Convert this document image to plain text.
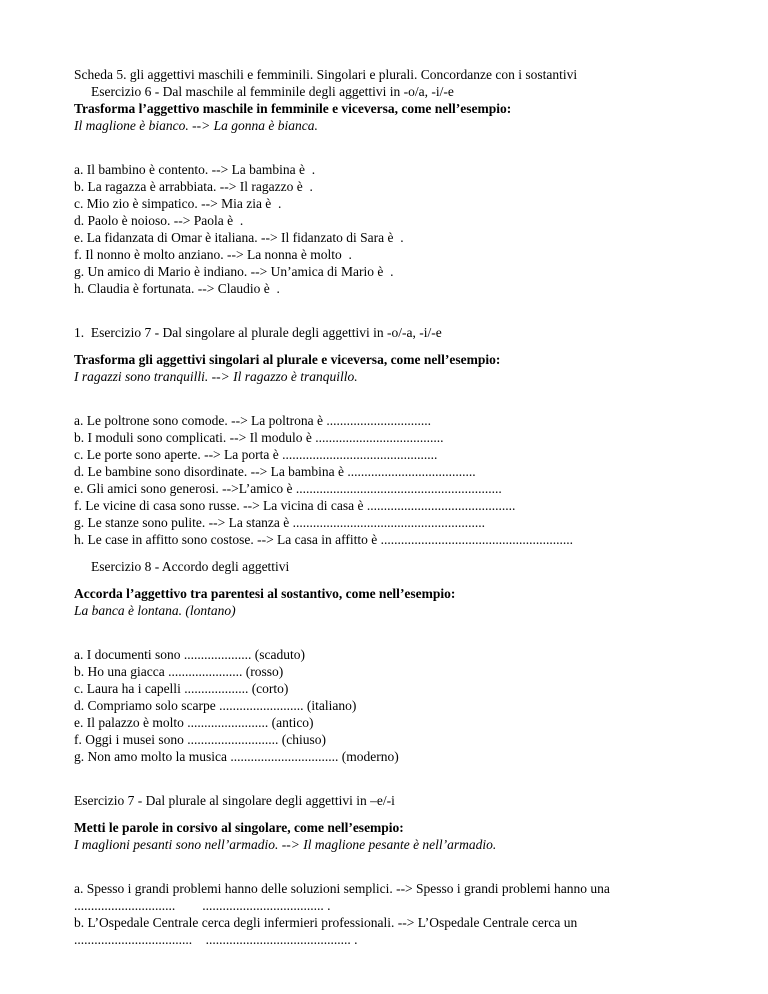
Scheda 5. gli aggettivi maschili e femminili. Singolari e plurali. Concordanze con i sostantivi

Esercizio 6 - Dal maschile al femminile degli aggettivi in -o/a, -i/-e

Trasforma l’aggettivo maschile in femminile e viceversa, come nell’esempio:

Il maglione è bianco. --> La gonna è bianca.

a. Il bambino è contento. --> La bambina è  .

b. La ragazza è arrabbiata. --> Il ragazzo è  .

c. Mio zio è simpatico. --> Mia zia è  .

d. Paolo è noioso. --> Paola è  .

e. La fidanzata di Omar è italiana. --> Il fidanzato di Sara è  .

f. Il nonno è molto anziano. --> La nonna è molto  .

g. Un amico di Mario è indiano. --> Un’amica di Mario è  .

h. Claudia è fortunata. --> Claudio è  .

1.  Esercizio 7 - Dal singolare al plurale degli aggettivi in -o/-a, -i/-e

Trasforma gli aggettivi singolari al plurale e viceversa, come nell’esempio:

I ragazzi sono tranquilli. --> Il ragazzo è tranquillo.

a. Le poltrone sono comode. --> La poltrona è ...............................

b. I moduli sono complicati. --> Il modulo è ......................................

c. Le porte sono aperte. --> La porta è ..............................................

d. Le bambine sono disordinate. --> La bambina è ......................................

e. Gli amici sono generosi. -->L’amico è .............................................................

f. Le vicine di casa sono russe. --> La vicina di casa è ............................................

g. Le stanze sono pulite. --> La stanza è .........................................................

h. Le case in affitto sono costose. --> La casa in affitto è .........................................................

Esercizio 8 - Accordo degli aggettivi

Accorda l’aggettivo tra parentesi al sostantivo, come nell’esempio:

La banca è lontana. (lontano)

a. I documenti sono .................... (scaduto)

b. Ho una giacca ...................... (rosso)

c. Laura ha i capelli ................... (corto)

d. Compriamo solo scarpe ......................... (italiano)

e. Il palazzo è molto ........................ (antico)

f. Oggi i musei sono ........................... (chiuso)

g. Non amo molto la musica ................................ (moderno)

Esercizio 7 - Dal plurale al singolare degli aggettivi in –e/-i

Metti le parole in corsivo al singolare, come nell’esempio:

I maglioni pesanti sono nell’armadio. --> Il maglione pesante è nell’armadio.

a. Spesso i grandi problemi hanno delle soluzioni semplici. --> Spesso i grandi problemi hanno una

..............................        .................................... .

b. L’Ospedale Centrale cerca degli infermieri professionali. --> L’Ospedale Centrale cerca un

...................................    ........................................... .
